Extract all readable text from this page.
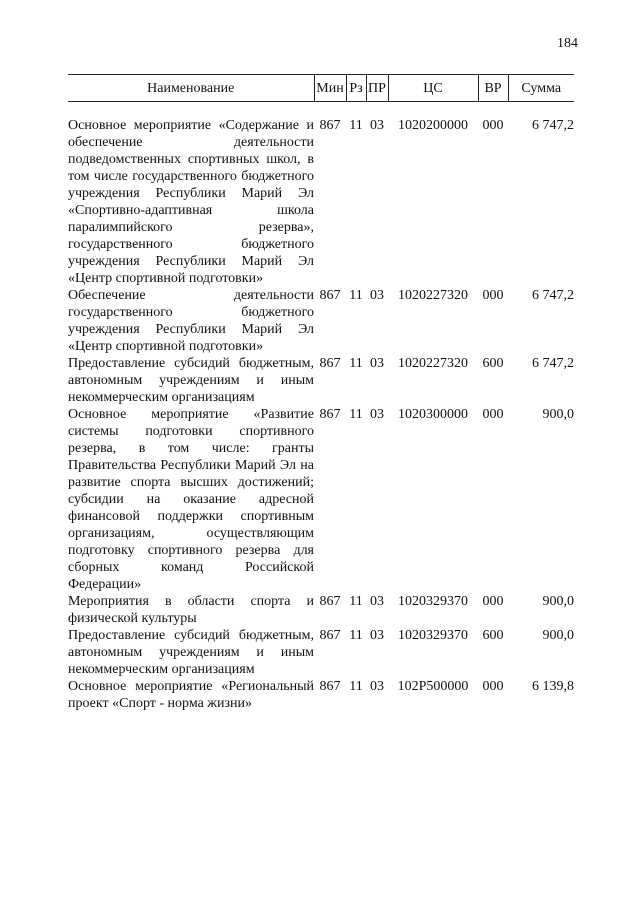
184
Наименование	Мин	Рз	ПР	ЦС	ВР	Сумма

Основное мероприятие «Содержание и обеспечение деятельности подведомственных спортивных школ, в том числе государственного бюджетного учреждения Республики Марий Эл «Спортивно-адаптивная школа паралимпийского резерва», государственного бюджетного учреждения Республики Марий Эл «Центр спортивной подготовки»	867	11	03	1020200000	000	6 747,2
Обеспечение деятельности государственного бюджетного учреждения Республики Марий Эл «Центр спортивной подготовки»	867	11	03	1020227320	000	6 747,2
Предоставление субсидий бюджетным, автономным учреждениям и иным некоммерческим организациям	867	11	03	1020227320	600	6 747,2
Основное мероприятие «Развитие системы подготовки спортивного резерва, в том числе: гранты Правительства Республики Марий Эл на развитие спорта высших достижений; субсидии на оказание адресной финансовой поддержки спортивным организациям, осуществляющим подготовку спортивного резерва для сборных команд Российской Федерации»	867	11	03	1020300000	000	900,0
Мероприятия в области спорта и физической культуры	867	11	03	1020329370	000	900,0
Предоставление субсидий бюджетным, автономным учреждениям и иным некоммерческим организациям	867	11	03	1020329370	600	900,0
Основное мероприятие «Региональный проект «Спорт - норма жизни»	867	11	03	102P500000	000	6 139,8
